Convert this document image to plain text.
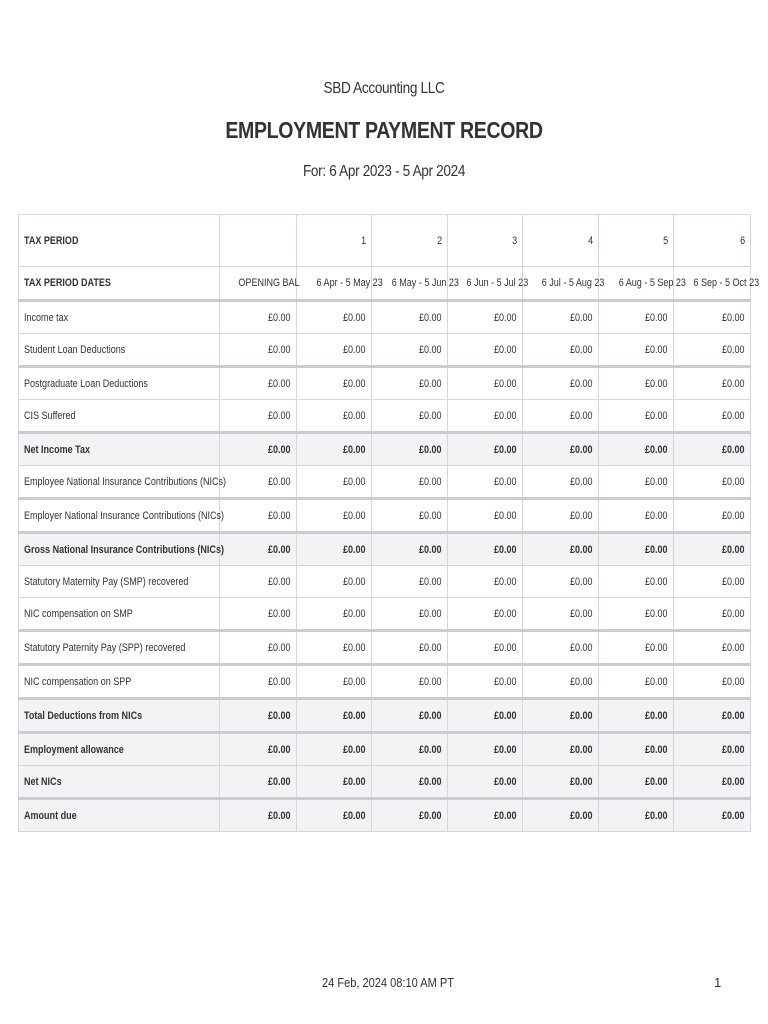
SBD Accounting LLC
EMPLOYMENT PAYMENT RECORD
For: 6 Apr 2023 - 5 Apr 2024
TAX PERIOD		1	2	3	4	5	6
TAX PERIOD DATES	OPENING BAL	6 Apr - 5 May 23	6 May - 5 Jun 23	6 Jun - 5 Jul 23	6 Jul - 5 Aug 23	6 Aug - 5 Sep 23	6 Sep - 5 Oct 23
Income tax	£0.00	£0.00	£0.00	£0.00	£0.00	£0.00	£0.00
Student Loan Deductions	£0.00	£0.00	£0.00	£0.00	£0.00	£0.00	£0.00
Postgraduate Loan Deductions	£0.00	£0.00	£0.00	£0.00	£0.00	£0.00	£0.00
CIS Suffered	£0.00	£0.00	£0.00	£0.00	£0.00	£0.00	£0.00
Net Income Tax	£0.00	£0.00	£0.00	£0.00	£0.00	£0.00	£0.00
Employee National Insurance Contributions (NICs)	£0.00	£0.00	£0.00	£0.00	£0.00	£0.00	£0.00
Employer National Insurance Contributions (NICs)	£0.00	£0.00	£0.00	£0.00	£0.00	£0.00	£0.00
Gross National Insurance Contributions (NICs)	£0.00	£0.00	£0.00	£0.00	£0.00	£0.00	£0.00
Statutory Maternity Pay (SMP) recovered	£0.00	£0.00	£0.00	£0.00	£0.00	£0.00	£0.00
NIC compensation on SMP	£0.00	£0.00	£0.00	£0.00	£0.00	£0.00	£0.00
Statutory Paternity Pay (SPP) recovered	£0.00	£0.00	£0.00	£0.00	£0.00	£0.00	£0.00
NIC compensation on SPP	£0.00	£0.00	£0.00	£0.00	£0.00	£0.00	£0.00
Total Deductions from NICs	£0.00	£0.00	£0.00	£0.00	£0.00	£0.00	£0.00
Employment allowance	£0.00	£0.00	£0.00	£0.00	£0.00	£0.00	£0.00
Net NICs	£0.00	£0.00	£0.00	£0.00	£0.00	£0.00	£0.00
Amount due	£0.00	£0.00	£0.00	£0.00	£0.00	£0.00	£0.00
24 Feb, 2024 08:10 AM PT	1
